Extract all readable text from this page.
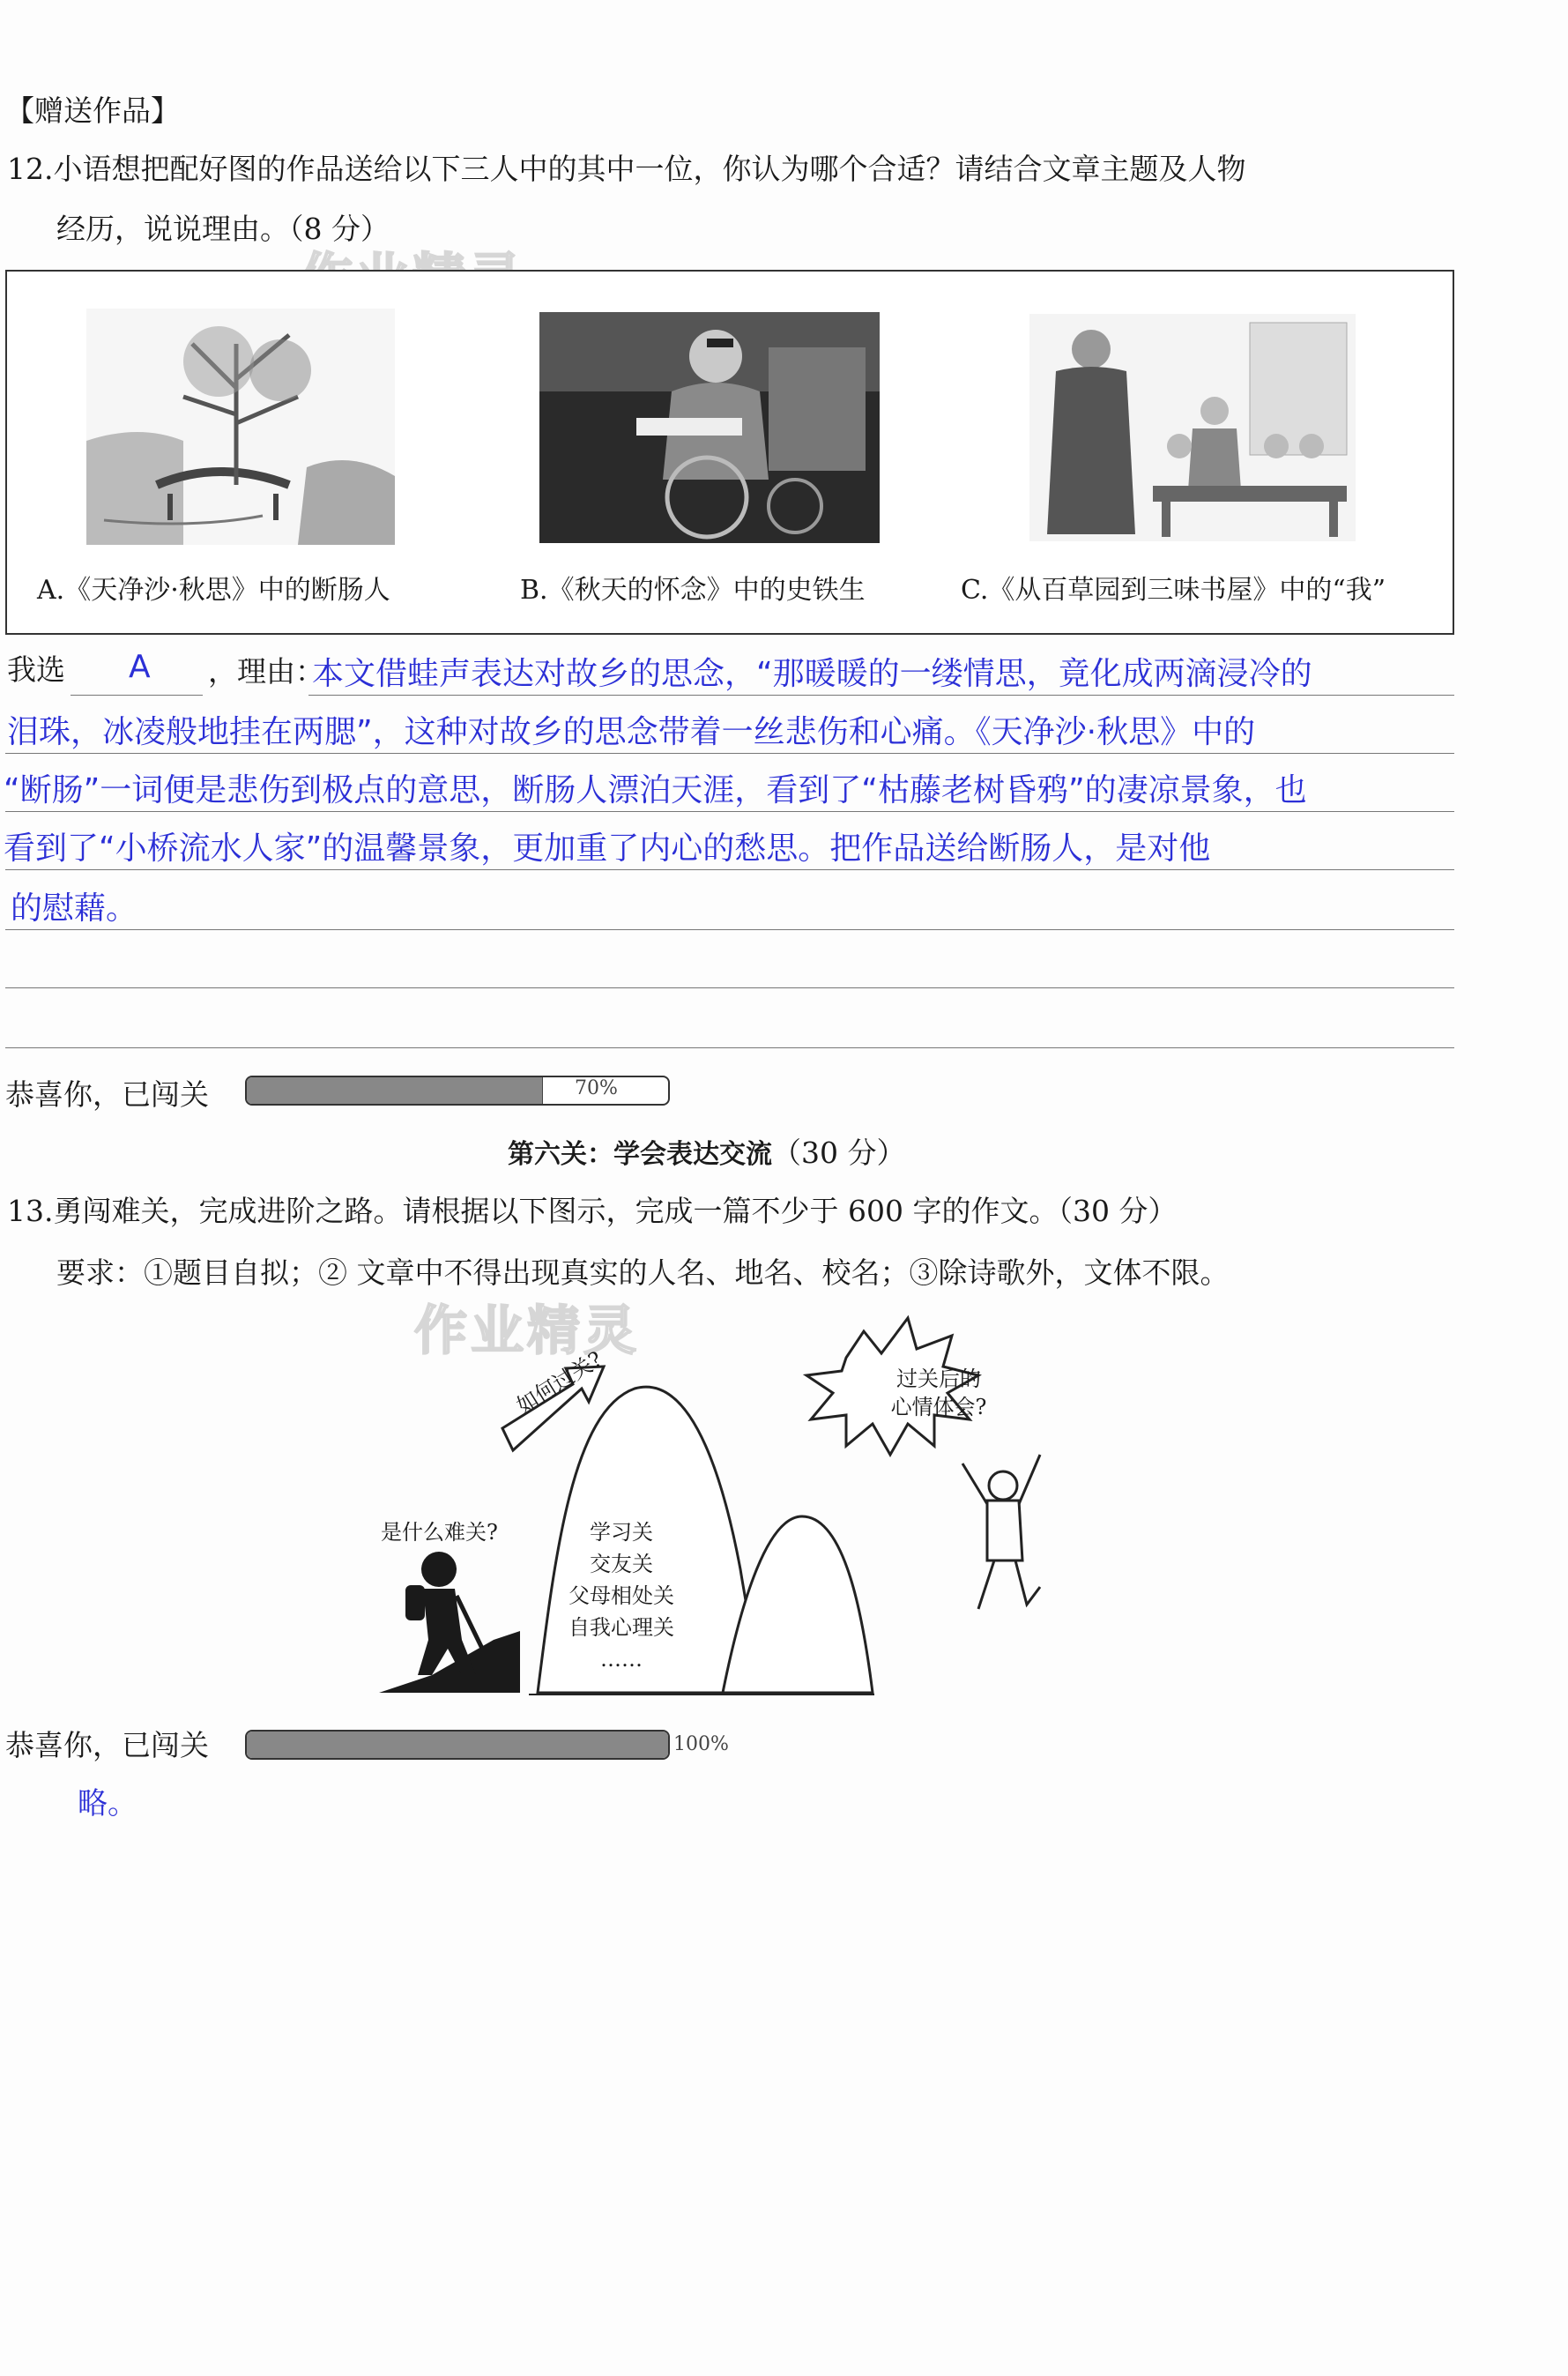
【赠送作品】
12.小语想把配好图的作品送给以下三人中的其中一位，你认为哪个合适？请结合文章主题及人物
经历，说说理由。（8 分）
A.《天净沙·秋思》中的断肠人	B.《秋天的怀念》中的史铁生	C.《从百草园到三味书屋》中的“我”
我选 A ，理由：
本文借蛙声表达对故乡的思念，“那暖暖的一缕情思，竟化成两滴浸冷的
泪珠，冰凌般地挂在两腮”，这种对故乡的思念带着一丝悲伤和心痛。《天净沙·秋思》中的
“断肠”一词便是悲伤到极点的意思，断肠人漂泊天涯，看到了“枯藤老树昏鸦”的凄凉景象，也
看到了“小桥流水人家”的温馨景象，更加重了内心的愁思。把作品送给断肠人，是对他
的慰藉。
恭喜你，已闯关	70%
第六关：学会表达交流（30 分）
13.勇闯难关，完成进阶之路。请根据以下图示，完成一篇不少于 600 字的作文。（30 分）
要求：①题目自拟；② 文章中不得出现真实的人名、地名、校名；③除诗歌外，文体不限。
作业精灵
是什么难关?
如何过关?
学习关
交友关
父母相处关
自我心理关
……
过关后的
心情体会?
恭喜你，已闯关	100%
略。
